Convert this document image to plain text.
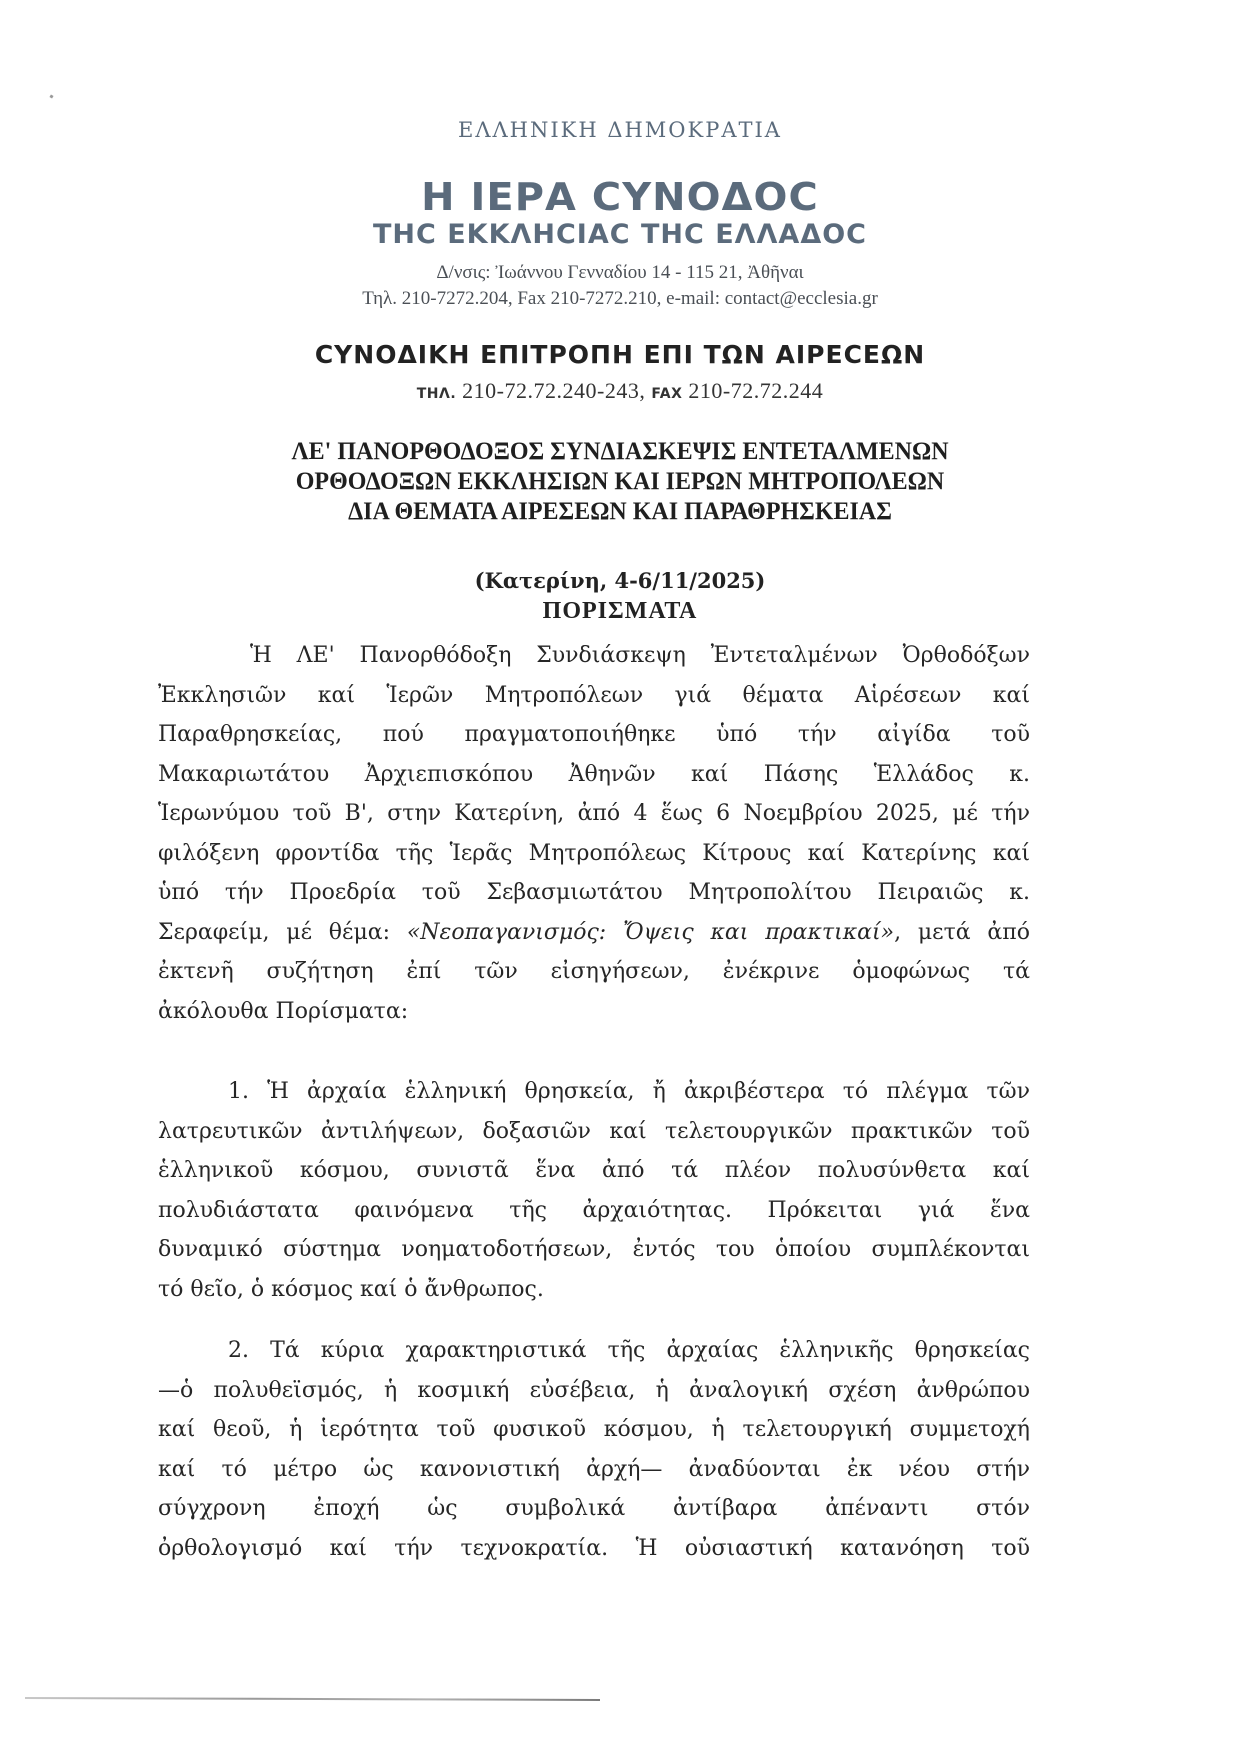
ΕΛΛΗΝΙΚΗ ΔΗΜΟΚΡΑΤΙΑ
Η ΙΕΡΑ CΥΝΟΔΟC
ΤΗC ΕΚΚΛΗCΙΑC ΤΗC ΕΛΛΑΔΟC
Δ/νσις: Ἰωάννου Γενναδίου 14 - 115 21, Ἀθῆναι
Τηλ. 210-7272.204, Fax 210-7272.210, e-mail: contact@ecclesia.gr
CΥΝΟΔΙΚΗ ΕΠΙΤΡΟΠΗ ΕΠΙ ΤΩΝ ΑΙΡΕCΕΩΝ
ΤΗΛ. 210-72.72.240-243, FAX 210-72.72.244
ΛΕ' ΠΑΝΟΡΘΟΔΟΞΟΣ ΣΥΝΔΙΑΣΚΕΨΙΣ ΕΝΤΕΤΑΛΜΕΝΩΝ
ΟΡΘΟΔΟΞΩΝ ΕΚΚΛΗΣΙΩΝ ΚΑΙ ΙΕΡΩΝ ΜΗΤΡΟΠΟΛΕΩΝ
ΔΙΑ ΘΕΜΑΤΑ ΑΙΡΕΣΕΩΝ ΚΑΙ ΠΑΡΑΘΡΗΣΚΕΙΑΣ
(Κατερίνη, 4-6/11/2025)
ΠΟΡΙΣΜΑΤΑ
Ἡ ΛΕ' Πανορθόδοξη Συνδιάσκεψη Ἐντεταλμένων Ὀρθοδόξων
Ἐκκλησιῶν καί Ἱερῶν Μητροπόλεων γιά θέματα Αἱρέσεων καί
Παραθρησκείας, πού πραγματοποιήθηκε ὑπό τήν αἰγίδα τοῦ
Μακαριωτάτου Ἀρχιεπισκόπου Ἀθηνῶν καί Πάσης Ἑλλάδος κ.
Ἱερωνύμου τοῦ Β', στην Κατερίνη, ἀπό 4 ἕως 6 Νοεμβρίου 2025, μέ τήν
φιλόξενη φροντίδα τῆς Ἱερᾶς Μητροπόλεως Κίτρους καί Κατερίνης καί
ὑπό τήν Προεδρία τοῦ Σεβασμιωτάτου Μητροπολίτου Πειραιῶς κ.
Σεραφείμ, μέ θέμα: «Νεοπαγανισμός: Ὄψεις και πρακτικαί», μετά ἀπό
ἐκτενῆ συζήτηση ἐπί τῶν εἰσηγήσεων, ἐνέκρινε ὁμοφώνως τά
ἀκόλουθα Πορίσματα:
1. Ἡ ἀρχαία ἑλληνική θρησκεία, ἤ ἀκριβέστερα τό πλέγμα τῶν
λατρευτικῶν ἀντιλήψεων, δοξασιῶν καί τελετουργικῶν πρακτικῶν τοῦ
ἑλληνικοῦ κόσμου, συνιστᾶ ἕνα ἀπό τά πλέον πολυσύνθετα καί
πολυδιάστατα φαινόμενα τῆς ἀρχαιότητας. Πρόκειται γιά ἕνα
δυναμικό σύστημα νοηματοδοτήσεων, ἐντός του ὁποίου συμπλέκονται
τό θεῖο, ὁ κόσμος καί ὁ ἄνθρωπος.
2. Τά κύρια χαρακτηριστικά τῆς ἀρχαίας ἑλληνικῆς θρησκείας
—ὁ πολυθεϊσμός, ἡ κοσμική εὐσέβεια, ἡ ἀναλογική σχέση ἀνθρώπου
καί θεοῦ, ἡ ἱερότητα τοῦ φυσικοῦ κόσμου, ἡ τελετουργική συμμετοχή
καί τό μέτρο ὡς κανονιστική ἀρχή— ἀναδύονται ἐκ νέου στήν
σύγχρονη ἐποχή ὡς συμβολικά ἀντίβαρα ἀπέναντι στόν
ὀρθολογισμό καί τήν τεχνοκρατία. Ἡ οὐσιαστική κατανόηση τοῦ
